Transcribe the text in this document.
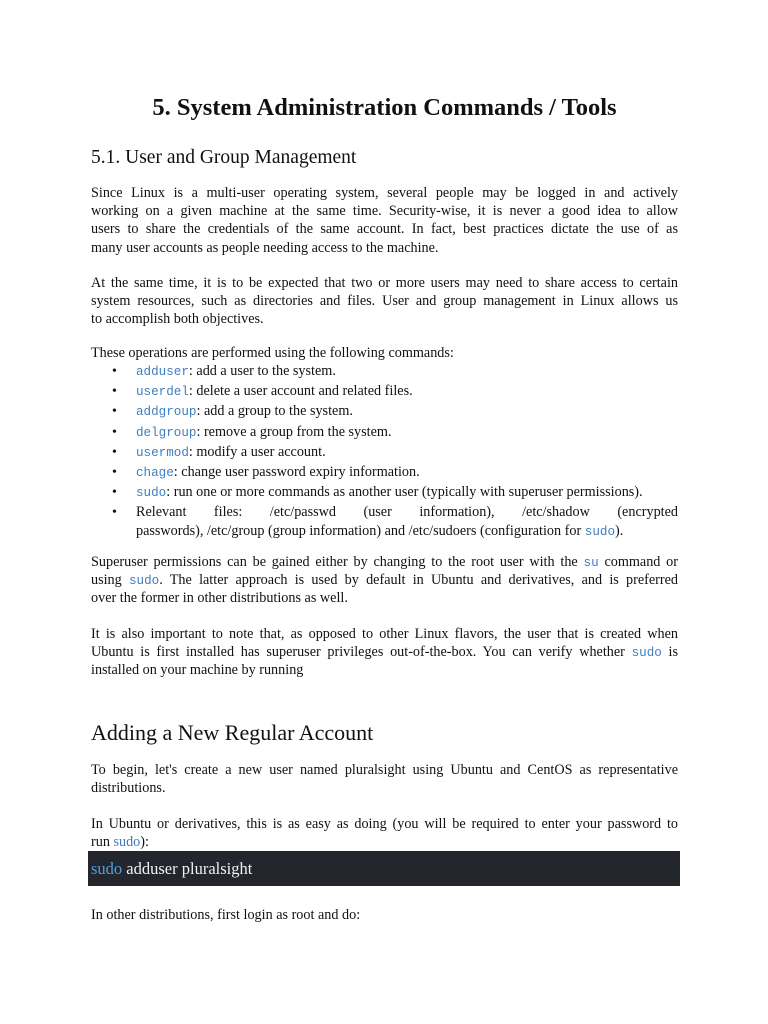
5. System Administration Commands / Tools
5.1. User and Group Management
Since Linux is a multi-user operating system, several people may be logged in and actively
working on a given machine at the same time. Security-wise, it is never a good idea to allow
users to share the credentials of the same account. In fact, best practices dictate the use of as
many user accounts as people needing access to the machine.
At the same time, it is to be expected that two or more users may need to share access to certain
system resources, such as directories and files. User and group management in Linux allows us
to accomplish both objectives.
These operations are performed using the following commands:
• adduser: add a user to the system.
• userdel: delete a user account and related files.
• addgroup: add a group to the system.
• delgroup: remove a group from the system.
• usermod: modify a user account.
• chage: change user password expiry information.
• sudo: run one or more commands as another user (typically with superuser permissions).
• Relevant files: /etc/passwd (user information), /etc/shadow (encrypted
passwords), /etc/group (group information) and /etc/sudoers (configuration for sudo).
Superuser permissions can be gained either by changing to the root user with the su command or
using sudo. The latter approach is used by default in Ubuntu and derivatives, and is preferred
over the former in other distributions as well.
It is also important to note that, as opposed to other Linux flavors, the user that is created when
Ubuntu is first installed has superuser privileges out-of-the-box. You can verify whether sudo is
installed on your machine by running
Adding a New Regular Account
To begin, let's create a new user named pluralsight using Ubuntu and CentOS as representative
distributions.
In Ubuntu or derivatives, this is as easy as doing (you will be required to enter your password to
run sudo):
In other distributions, first login as root and do:
sudo adduser pluralsight
